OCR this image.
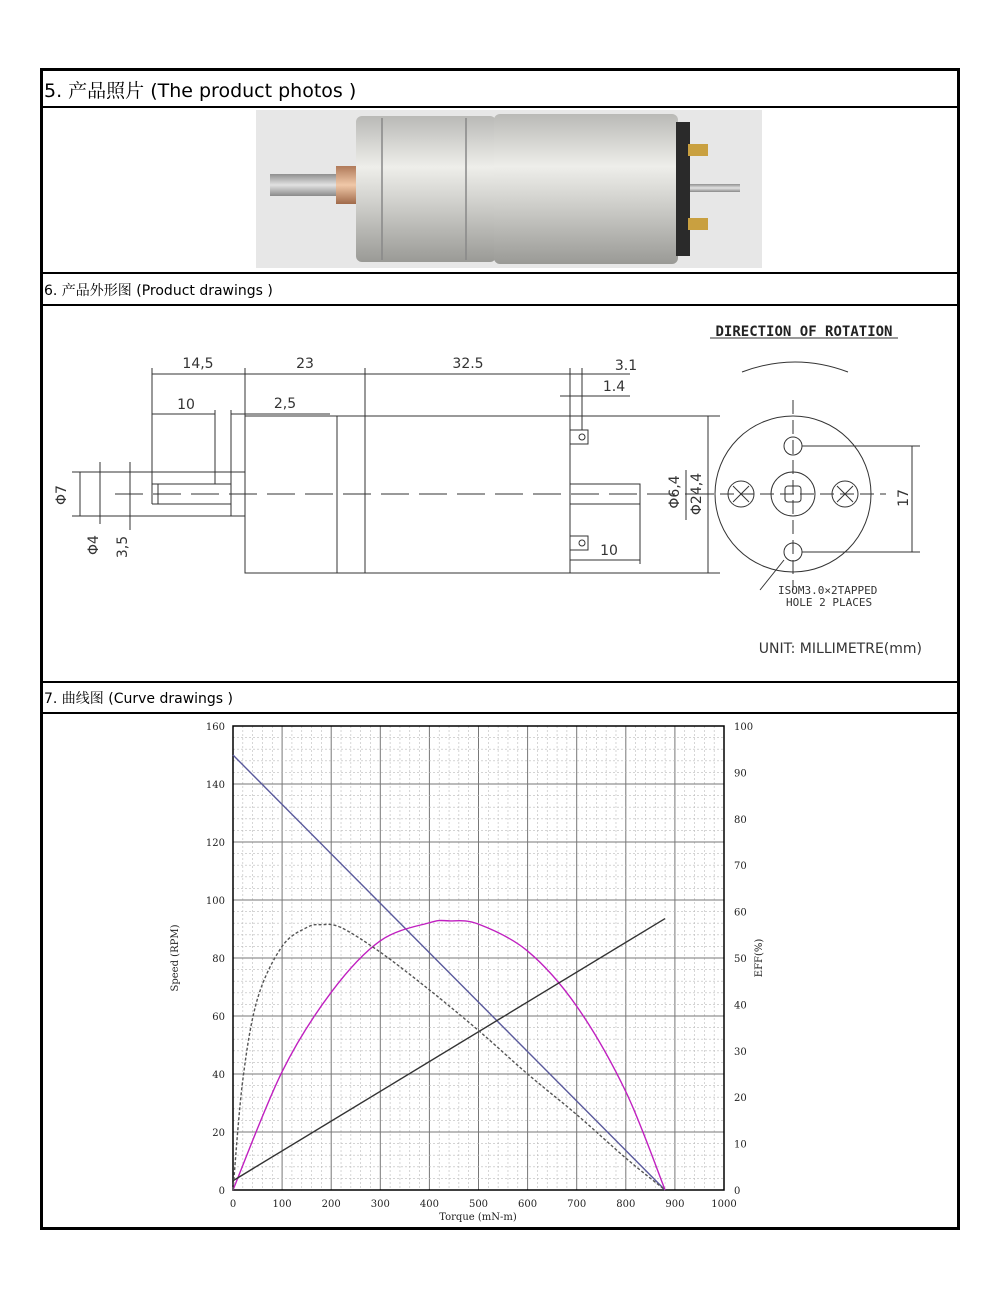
5. 产品照片 (The product photos )
6. 产品外形图 (Product drawings )
7. 曲线图 (Curve drawings )
14,5	23	32.5	3.1
1.4
10	2,5
10
Φ7
Φ4 3,5
Φ6,4 Φ24,4	17
DIRECTION OF ROTATION
ISOM3.0×2TAPPED
HOLE 2 PLACES
UNIT: MILLIMETRE(mm)
0	100	200	300	400	500	600	700	800	900	1000
0
20
40
60
80
100
120
140
160
0
10
20
30
40
50
60
70
80
90
100
Torque (mN-m)
Speed (RPM)	EFF(%)
